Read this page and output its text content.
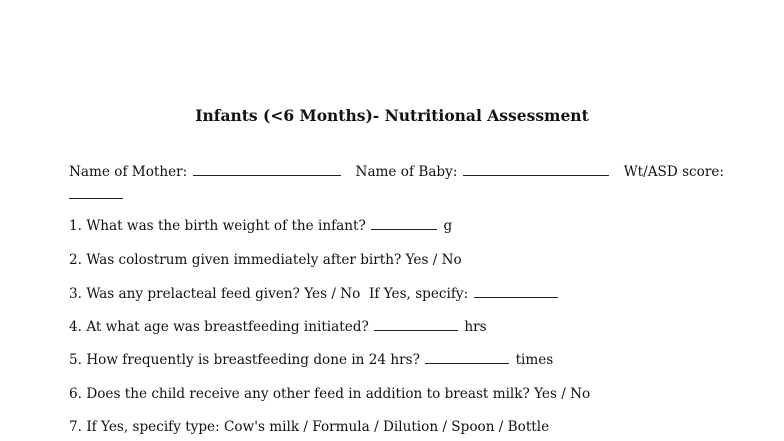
Infants (<6 Months)- Nutritional Assessment
Name of Mother:	Name of Baby:	Wt/ASD score:
1. What was the birth weight of the infant?	g
2. Was colostrum given immediately after birth? Yes / No
3. Was any prelacteal feed given? Yes / No If Yes, specify:
4. At what age was breastfeeding initiated?	hrs
5. How frequently is breastfeeding done in 24 hrs?	times
6. Does the child receive any other feed in addition to breast milk? Yes / No
7. If Yes, specify type: Cow's milk / Formula / Dilution / Spoon / Bottle
